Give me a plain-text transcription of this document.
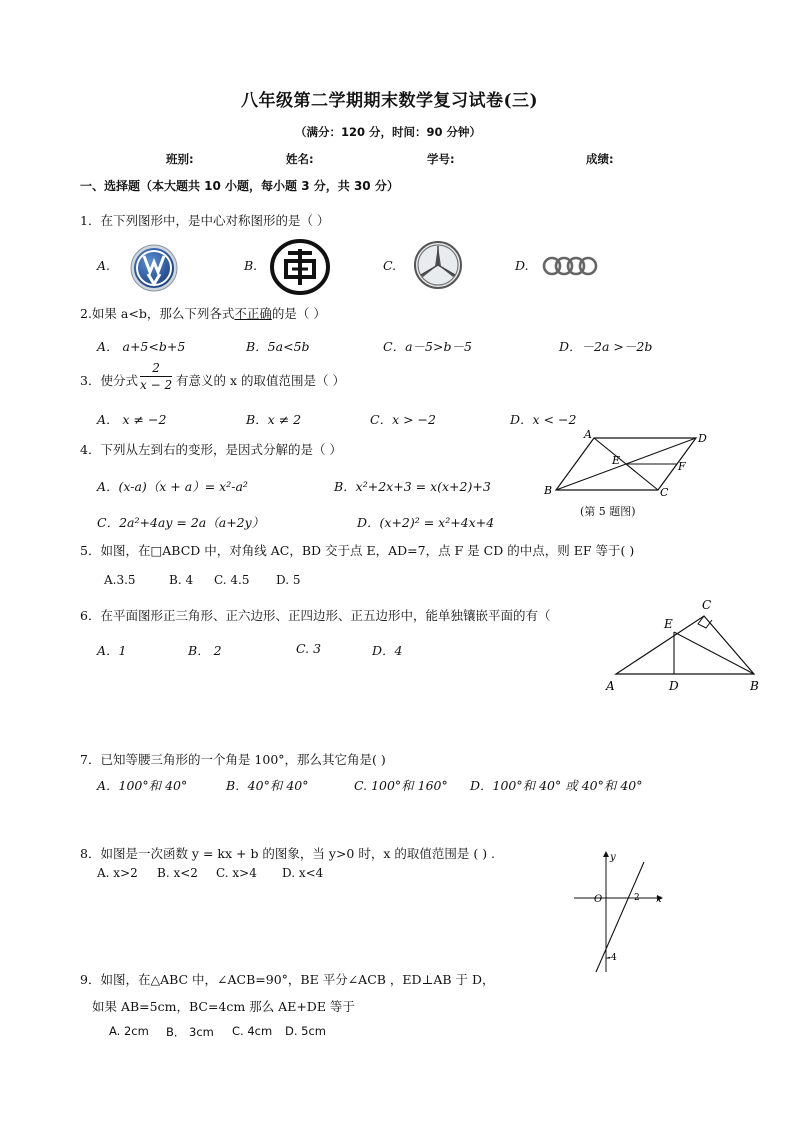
八年级第二学期期末数学复习试卷(三)
（满分：120 分，时间：90 分钟）
班别:	姓名:	学号:	成绩:
一、选择题（本大题共 10 小题，每小题 3 分，共 30 分）
1．在下列图形中，是中心对称图形的是（ ）
A.	B.	C.	D.
2.如果 a<b，那么下列各式不正确的是（ ）
A． a+5<b+5	B．5a<5b	C．a－5>b－5	D．－2a >－2b
3．使分式 $\frac{2}{x - 2}$ 有意义的 x 的取值范围是（ ）
A． x ≠ −2	B．x ≠ 2	C．x > −2	D．x < −2
4．下列从左到右的变形，是因式分解的是（ ）
A．(x-a)（x + a）= x²-a²	B．x²+2x+3 = x(x+2)+3
C．2a²+4ay = 2a（a+2y）	D．(x+2)² = x²+4x+4
A	D
E	F
B	C
(第 5 题图)
5．如图，在□ABCD 中，对角线 AC，BD 交于点 E，AD=7，点 F 是 CD 的中点，则 EF 等于( )
A.3.5	B. 4 C. 4.5 D. 5
6．在平面图形正三角形、正六边形、正四边形、正五边形中，能单独镶嵌平面的有（
A．1	B． 2	C. 3	D．4
C
E
A	D	B
7．已知等腰三角形的一个角是 100°，那么其它角是( )
A．100°和 40°	B．40°和 40°	C. 100°和 160° D．100°和 40° 或 40°和 40°
8．如图是一次函数 y = kx + b 的图象，当 y>0 时，x 的取值范围是 ( ) .
A. x>2 B. x<2 C. x>4 D. x<4
y
O	2 x
-4
9．如图，在△ABC 中，∠ACB=90°，BE 平分∠ACB ，ED⊥AB 于 D，
如果 AB=5cm，BC=4cm 那么 AE+DE 等于
A. 2cm B． 3cm C. 4cm D. 5cm
